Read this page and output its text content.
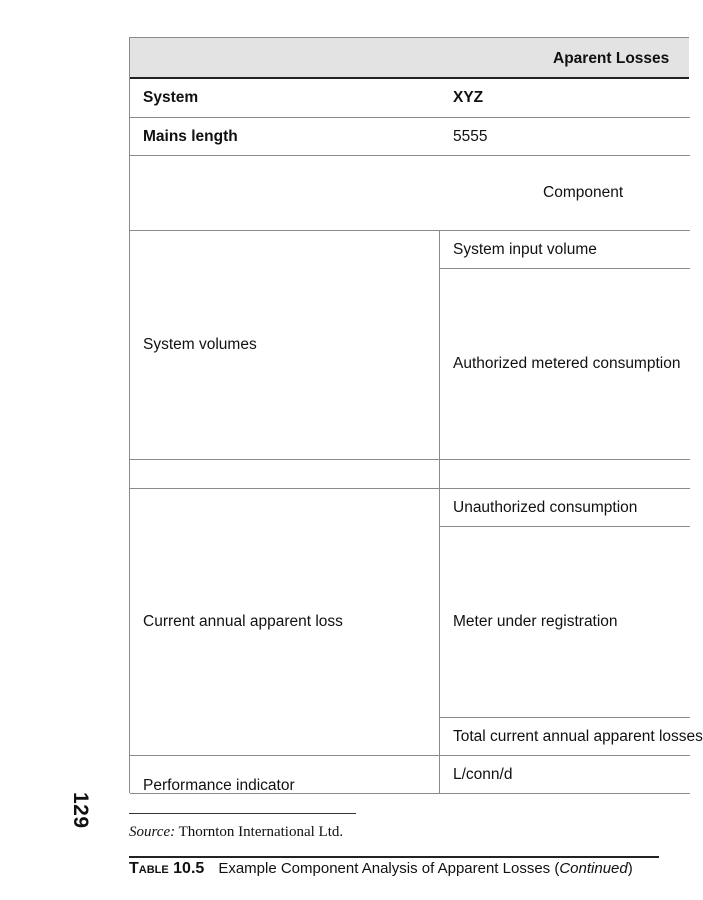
129
Aparent Losses
System	XYZ
Mains length	5555
Component
System volumes
System input volume
Authorized metered consumption
Current annual apparent loss
Unauthorized consumption
Meter under registration
Total current annual apparent losses
Performance indicator
L/conn/d
Source: Thornton International Ltd.
Table 10.5 Example Component Analysis of Apparent Losses (Continued)
